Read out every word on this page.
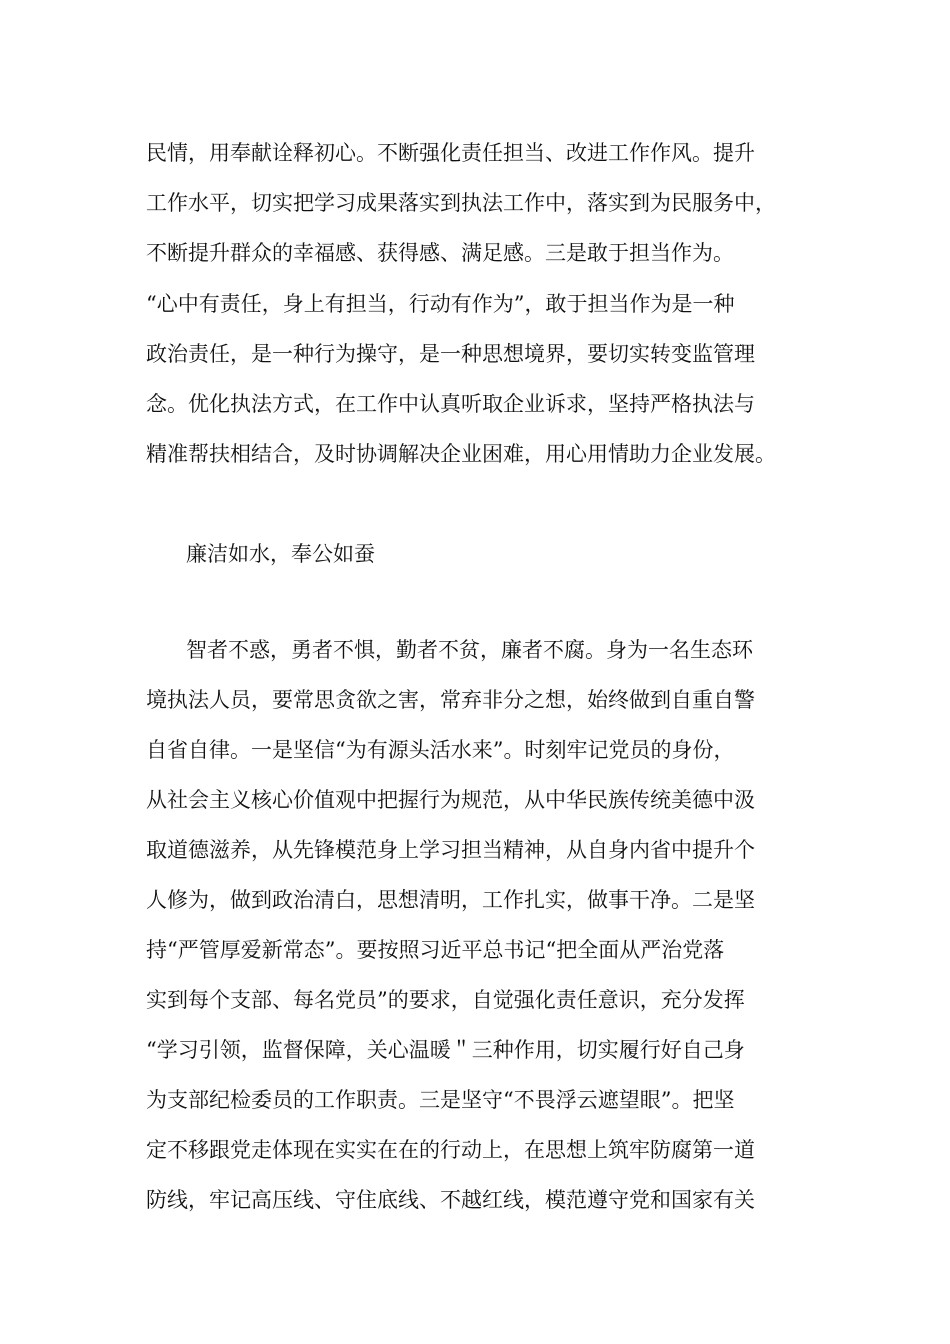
民情，用奉献诠释初心。不断强化责任担当、改进工作作风。提升
工作水平，切实把学习成果落实到执法工作中，落实到为民服务中，
不断提升群众的幸福感、获得感、满足感。三是敢于担当作为。
“心中有责任，身上有担当，行动有作为”，敢于担当作为是一种
政治责任，是一种行为操守，是一种思想境界，要切实转变监管理
念。优化执法方式，在工作中认真听取企业诉求，坚持严格执法与
精准帮扶相结合，及时协调解决企业困难，用心用情助力企业发展。
廉洁如水，奉公如蚕
智者不惑，勇者不惧，勤者不贫，廉者不腐。身为一名生态环
境执法人员，要常思贪欲之害，常弃非分之想，始终做到自重自警
自省自律。一是坚信“为有源头活水来”。时刻牢记党员的身份，
从社会主义核心价值观中把握行为规范，从中华民族传统美德中汲
取道德滋养，从先锋模范身上学习担当精神，从自身内省中提升个
人修为，做到政治清白，思想清明，工作扎实，做事干净。二是坚
持“严管厚爱新常态”。要按照习近平总书记“把全面从严治党落
实到每个支部、每名党员”的要求，自觉强化责任意识，充分发挥
“学习引领，监督保障，关心温暖＂三种作用，切实履行好自己身
为支部纪检委员的工作职责。三是坚守“不畏浮云遮望眼”。把坚
定不移跟党走体现在实实在在的行动上，在思想上筑牢防腐第一道
防线，牢记高压线、守住底线、不越红线，模范遵守党和国家有关
